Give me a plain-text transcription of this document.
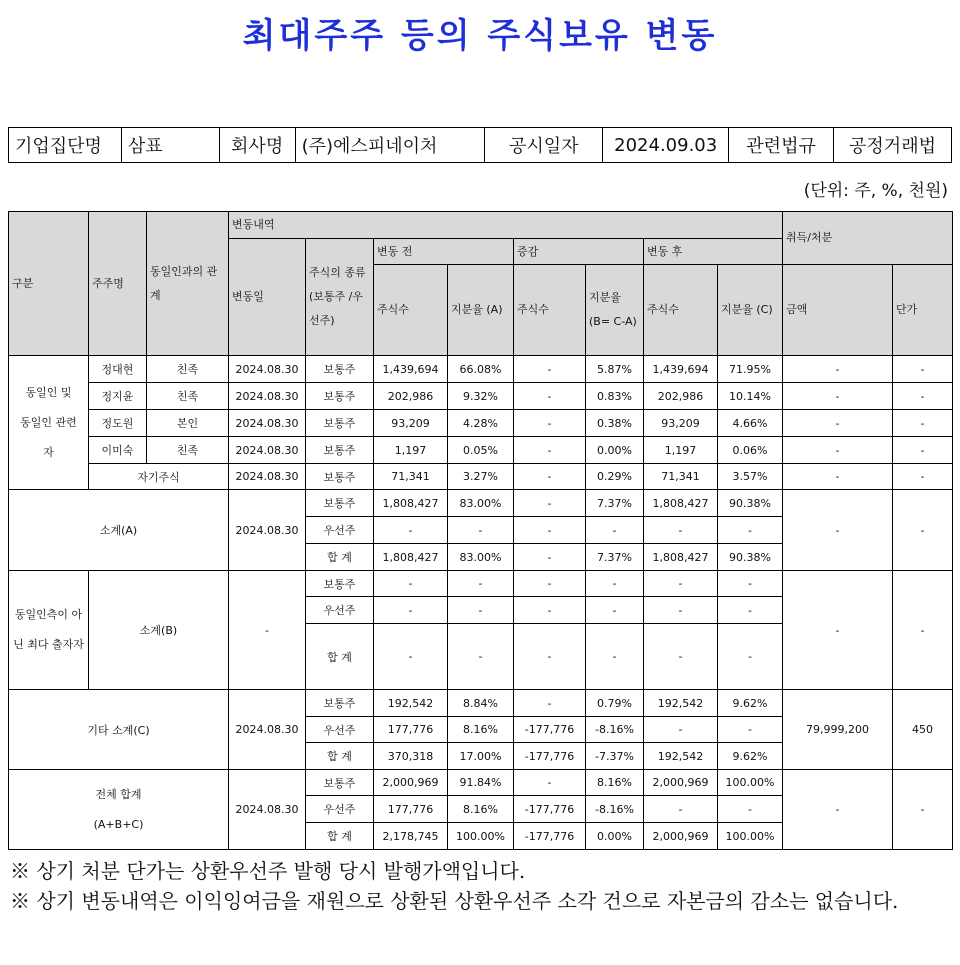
최대주주 등의 주식보유 변동
기업집단명	삼표	회사명	(주)에스피네이처	공시일자	2024.09.03	관련법규	공정거래법
(단위: 주, %, 천원)
구분	주주명	동일인과의 관계	변동내역								취득/처분	
			변동일	주식의 종류 (보통주 /우선주)	변동 전		증감		변동 후			
					주식수	지분율 (A)	주식수	지분율 (B= C-A)	주식수	지분율 (C)	금액	단가

동일인 및 동일인 관련자	정대현	친족	2024.08.30	보통주	1,439,694	66.08%	-	5.87%	1,439,694	71.95%	-	-
	정지윤	친족	2024.08.30	보통주	202,986	9.32%	-	0.83%	202,986	10.14%	-	-
	정도원	본인	2024.08.30	보통주	93,209	4.28%	-	0.38%	93,209	4.66%	-	-
	이미숙	친족	2024.08.30	보통주	1,197	0.05%	-	0.00%	1,197	0.06%	-	-
	자기주식		2024.08.30	보통주	71,341	3.27%	-	0.29%	71,341	3.57%	-	-
소계(A)			2024.08.30	보통주	1,808,427	83.00%	-	7.37%	1,808,427	90.38%	-	-
				우선주	-	-	-	-	-	-		
				합 계	1,808,427	83.00%	-	7.37%	1,808,427	90.38%		
동일인측이 아닌 최다 출자자	소계(B)		-	보통주	-	-	-	-	-	-	-	-
				우선주	-	-	-	-	-	-		
				합 계	-	-	-	-	-	-		
기타 소계(C)			2024.08.30	보통주	192,542	8.84%	-	0.79%	192,542	9.62%	79,999,200	450
				우선주	177,776	8.16%	-177,776	-8.16%	-	-		
				합 계	370,318	17.00%	-177,776	-7.37%	192,542	9.62%		

전체 합계
(A+B+C)			2024.08.30	보통주	2,000,969	91.84%	-	8.16%	2,000,969	100.00%	-	-
				우선주	177,776	8.16%	-177,776	-8.16%	-	-		
				합 계	2,178,745	100.00%	-177,776	0.00%	2,000,969	100.00%		
※ 상기 처분 단가는 상환우선주 발행 당시 발행가액입니다.
※ 상기 변동내역은 이익잉여금을 재원으로 상환된 상환우선주 소각 건으로 자본금의 감소는 없습니다.
